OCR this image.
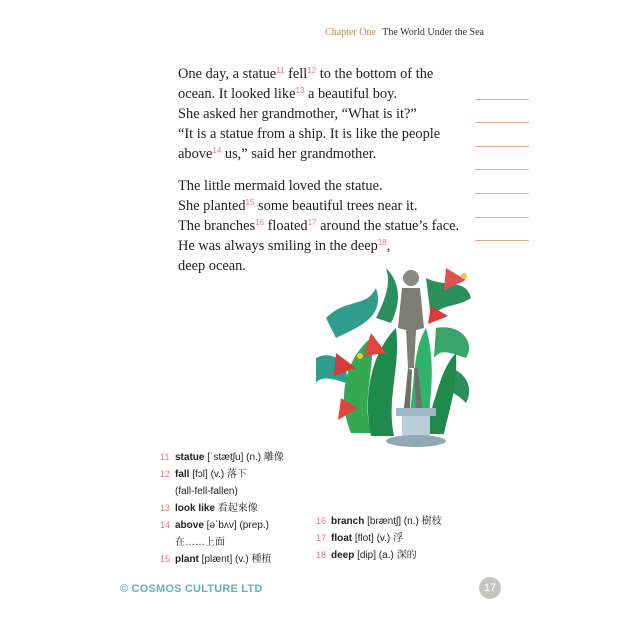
Chapter One The World Under the Sea

One day, a statue$^{11}$ fell$^{12}$ to the bottom of the

ocean. It looked like$^{13}$ a beautiful boy.
She asked her grandmother, “What is it?”
“It is a statue from a ship. It is like the people
above$^{14}$ us,” said her grandmother.

The little mermaid loved the statue.

She planted$^{15}$ some beautiful trees near it.
The branches$^{16}$ floated$^{17}$ around the statue’s face.
He was always smiling in the deep$^{18}$,
deep ocean.

11 statue [ˈstætʃu] (n.) 雕像
12 fall [fɔl] (v.) 落下
(fall-fell-fallen)
13 look like 看起來像
14 above [əˈbʌv] (prep.)
在……上面
15 plant [plænt] (v.) 種植
16 branch [bræntʃ] (n.) 樹枝
17 float [flot] (v.) 浮
18 deep [dip] (a.) 深的
© COSMOS CULTURE LTD	17
